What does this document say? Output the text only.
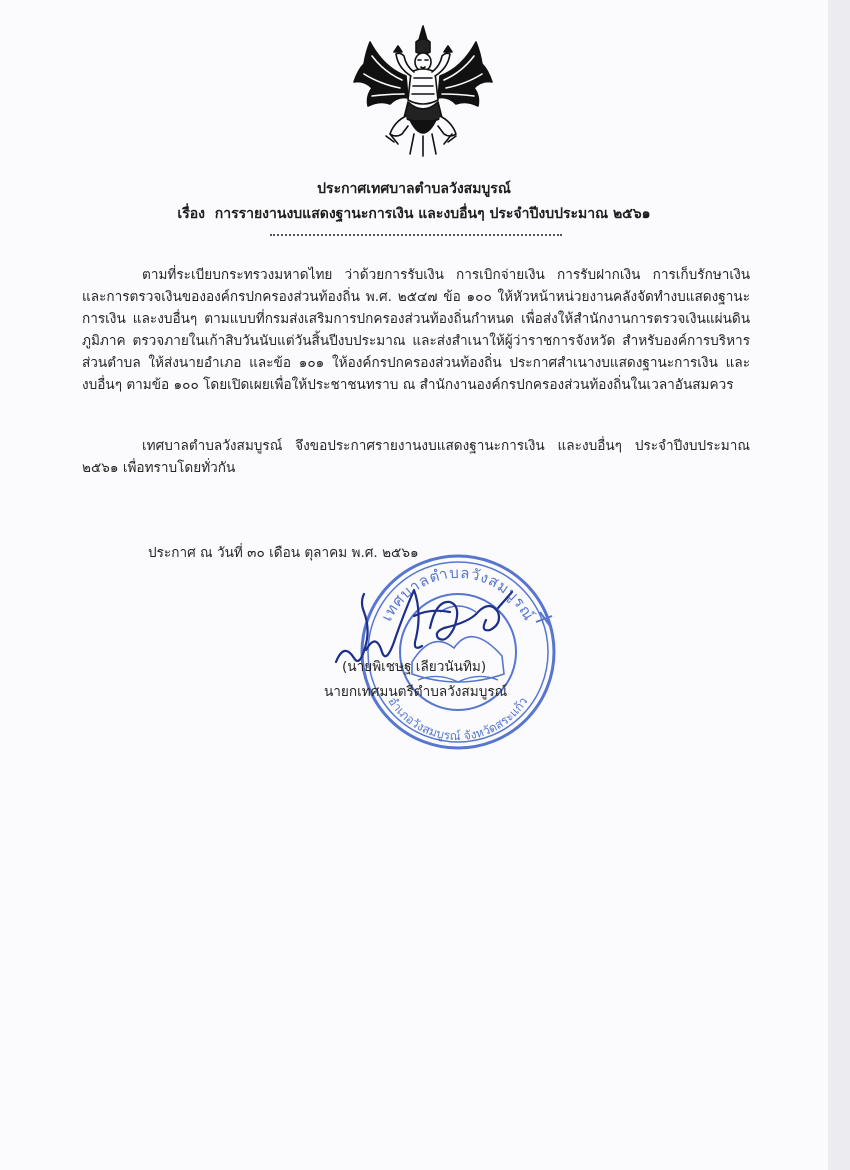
ประกาศเทศบาลตำบลวังสมบูรณ์
เรื่อง การรายงานงบแสดงฐานะการเงิน และงบอื่นๆ ประจำปีงบประมาณ ๒๕๖๑
ตามที่ระเบียบกระทรวงมหาดไทย ว่าด้วยการรับเงิน การเบิกจ่ายเงิน การรับฝากเงิน การเก็บรักษาเงิน
และการตรวจเงินขององค์กรปกครองส่วนท้องถิ่น พ.ศ. ๒๕๔๗ ข้อ ๑๐๐ ให้หัวหน้าหน่วยงานคลังจัดทำงบแสดงฐานะ
การเงิน และงบอื่นๆ ตามแบบที่กรมส่งเสริมการปกครองส่วนท้องถิ่นกำหนด เพื่อส่งให้สำนักงานการตรวจเงินแผ่นดิน
ภูมิภาค ตรวจภายในเก้าสิบวันนับแต่วันสิ้นปีงบประมาณ และส่งสำเนาให้ผู้ว่าราชการจังหวัด สำหรับองค์การบริหาร
ส่วนตำบล ให้ส่งนายอำเภอ และข้อ ๑๐๑ ให้องค์กรปกครองส่วนท้องถิ่น ประกาศสำเนางบแสดงฐานะการเงิน และ
งบอื่นๆ ตามข้อ ๑๐๐ โดยเปิดเผยเพื่อให้ประชาชนทราบ ณ สำนักงานองค์กรปกครองส่วนท้องถิ่นในเวลาอันสมควร
เทศบาลตำบลวังสมบูรณ์ จึงขอประกาศรายงานงบแสดงฐานะการเงิน และงบอื่นๆ ประจำปีงบประมาณ
๒๕๖๑ เพื่อทราบโดยทั่วกัน
ประกาศ ณ วันที่ ๓๐ เดือน ตุลาคม พ.ศ. ๒๕๖๑
เทศบาลตำบลวังสมบูรณ์
อำเภอวังสมบูรณ์ จังหวัดสระแก้ว
(นายพิเชษฐ เลียวนันทิม)
นายกเทศมนตรีตำบลวังสมบูรณ์
